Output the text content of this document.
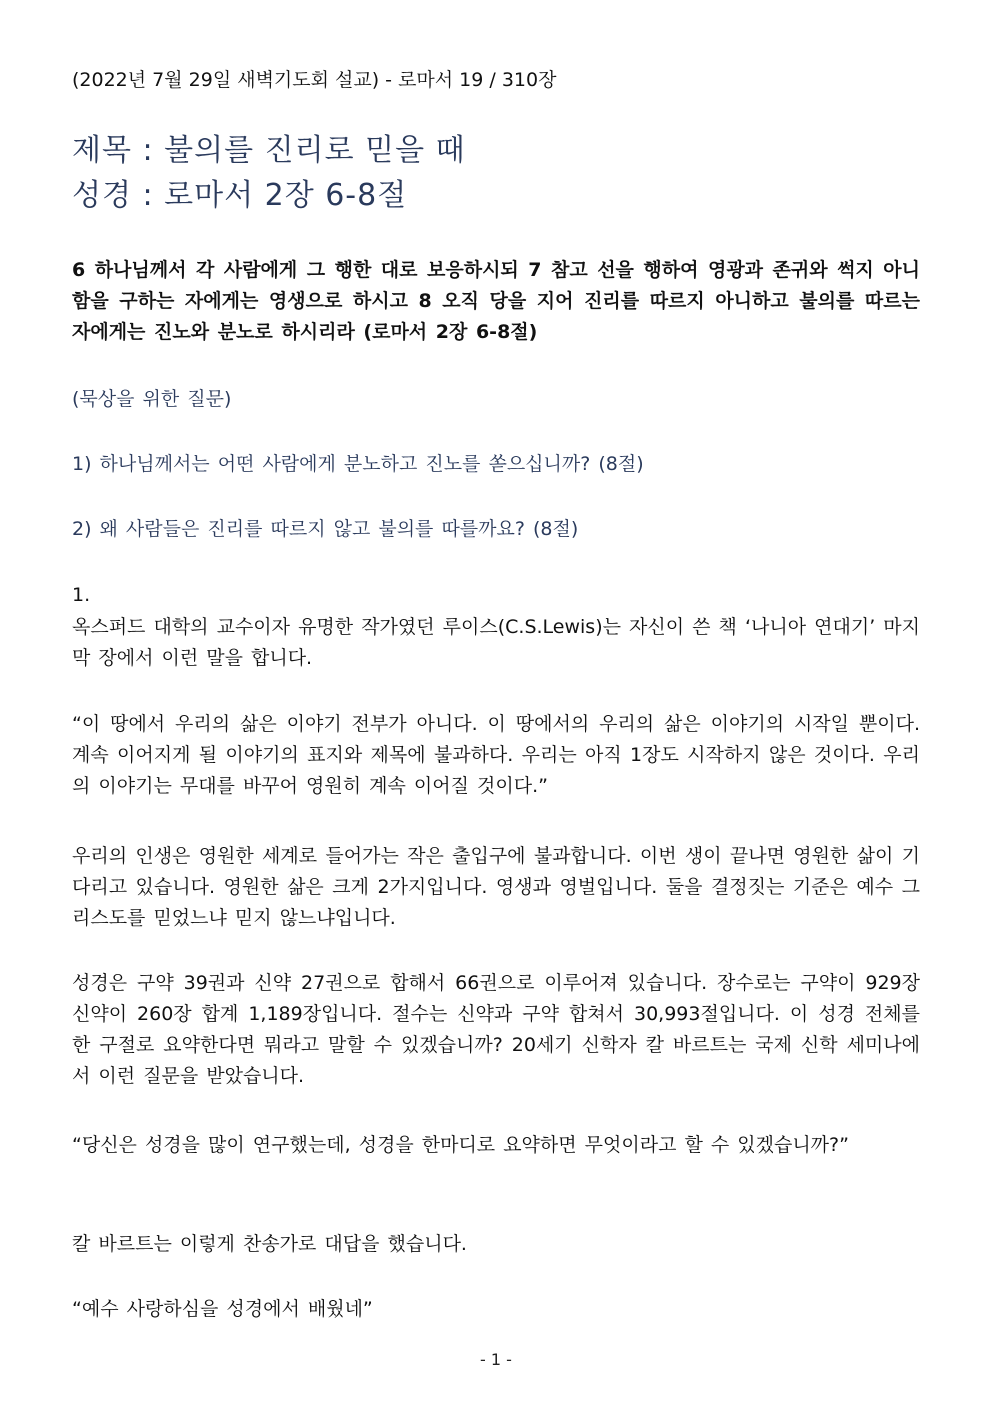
(2022년 7월 29일 새벽기도회 설교) - 로마서 19 / 310장
제목 : 불의를 진리로 믿을 때
성경 : 로마서 2장 6-8절
6 하나님께서 각 사람에게 그 행한 대로 보응하시되 7 참고 선을 행하여 영광과 존귀와 썩지 아니함을 구하는 자에게는 영생으로 하시고 8 오직 당을 지어 진리를 따르지 아니하고 불의를 따르는 자에게는 진노와 분노로 하시리라 (로마서 2장 6-8절)
(묵상을 위한 질문)
1) 하나님께서는 어떤 사람에게 분노하고 진노를 쏟으십니까? (8절)
2) 왜 사람들은 진리를 따르지 않고 불의를 따를까요? (8절)
1.
옥스퍼드 대학의 교수이자 유명한 작가였던 루이스(C.S.Lewis)는 자신이 쓴 책 ‘나니아 연대기’ 마지막 장에서 이런 말을 합니다.
“이 땅에서 우리의 삶은 이야기 전부가 아니다. 이 땅에서의 우리의 삶은 이야기의 시작일 뿐이다. 계속 이어지게 될 이야기의 표지와 제목에 불과하다. 우리는 아직 1장도 시작하지 않은 것이다. 우리의 이야기는 무대를 바꾸어 영원히 계속 이어질 것이다.”
우리의 인생은 영원한 세계로 들어가는 작은 출입구에 불과합니다. 이번 생이 끝나면 영원한 삶이 기다리고 있습니다. 영원한 삶은 크게 2가지입니다. 영생과 영벌입니다. 둘을 결정짓는 기준은 예수 그리스도를 믿었느냐 믿지 않느냐입니다.
성경은 구약 39권과 신약 27권으로 합해서 66권으로 이루어져 있습니다. 장수로는 구약이 929장 신약이 260장 합계 1,189장입니다. 절수는 신약과 구약 합쳐서 30,993절입니다. 이 성경 전체를 한 구절로 요약한다면 뭐라고 말할 수 있겠습니까? 20세기 신학자 칼 바르트는 국제 신학 세미나에서 이런 질문을 받았습니다.
“당신은 성경을 많이 연구했는데, 성경을 한마디로 요약하면 무엇이라고 할 수 있겠습니까?”
칼 바르트는 이렇게 찬송가로 대답을 했습니다.
“예수 사랑하심을 성경에서 배웠네”
- 1 -
